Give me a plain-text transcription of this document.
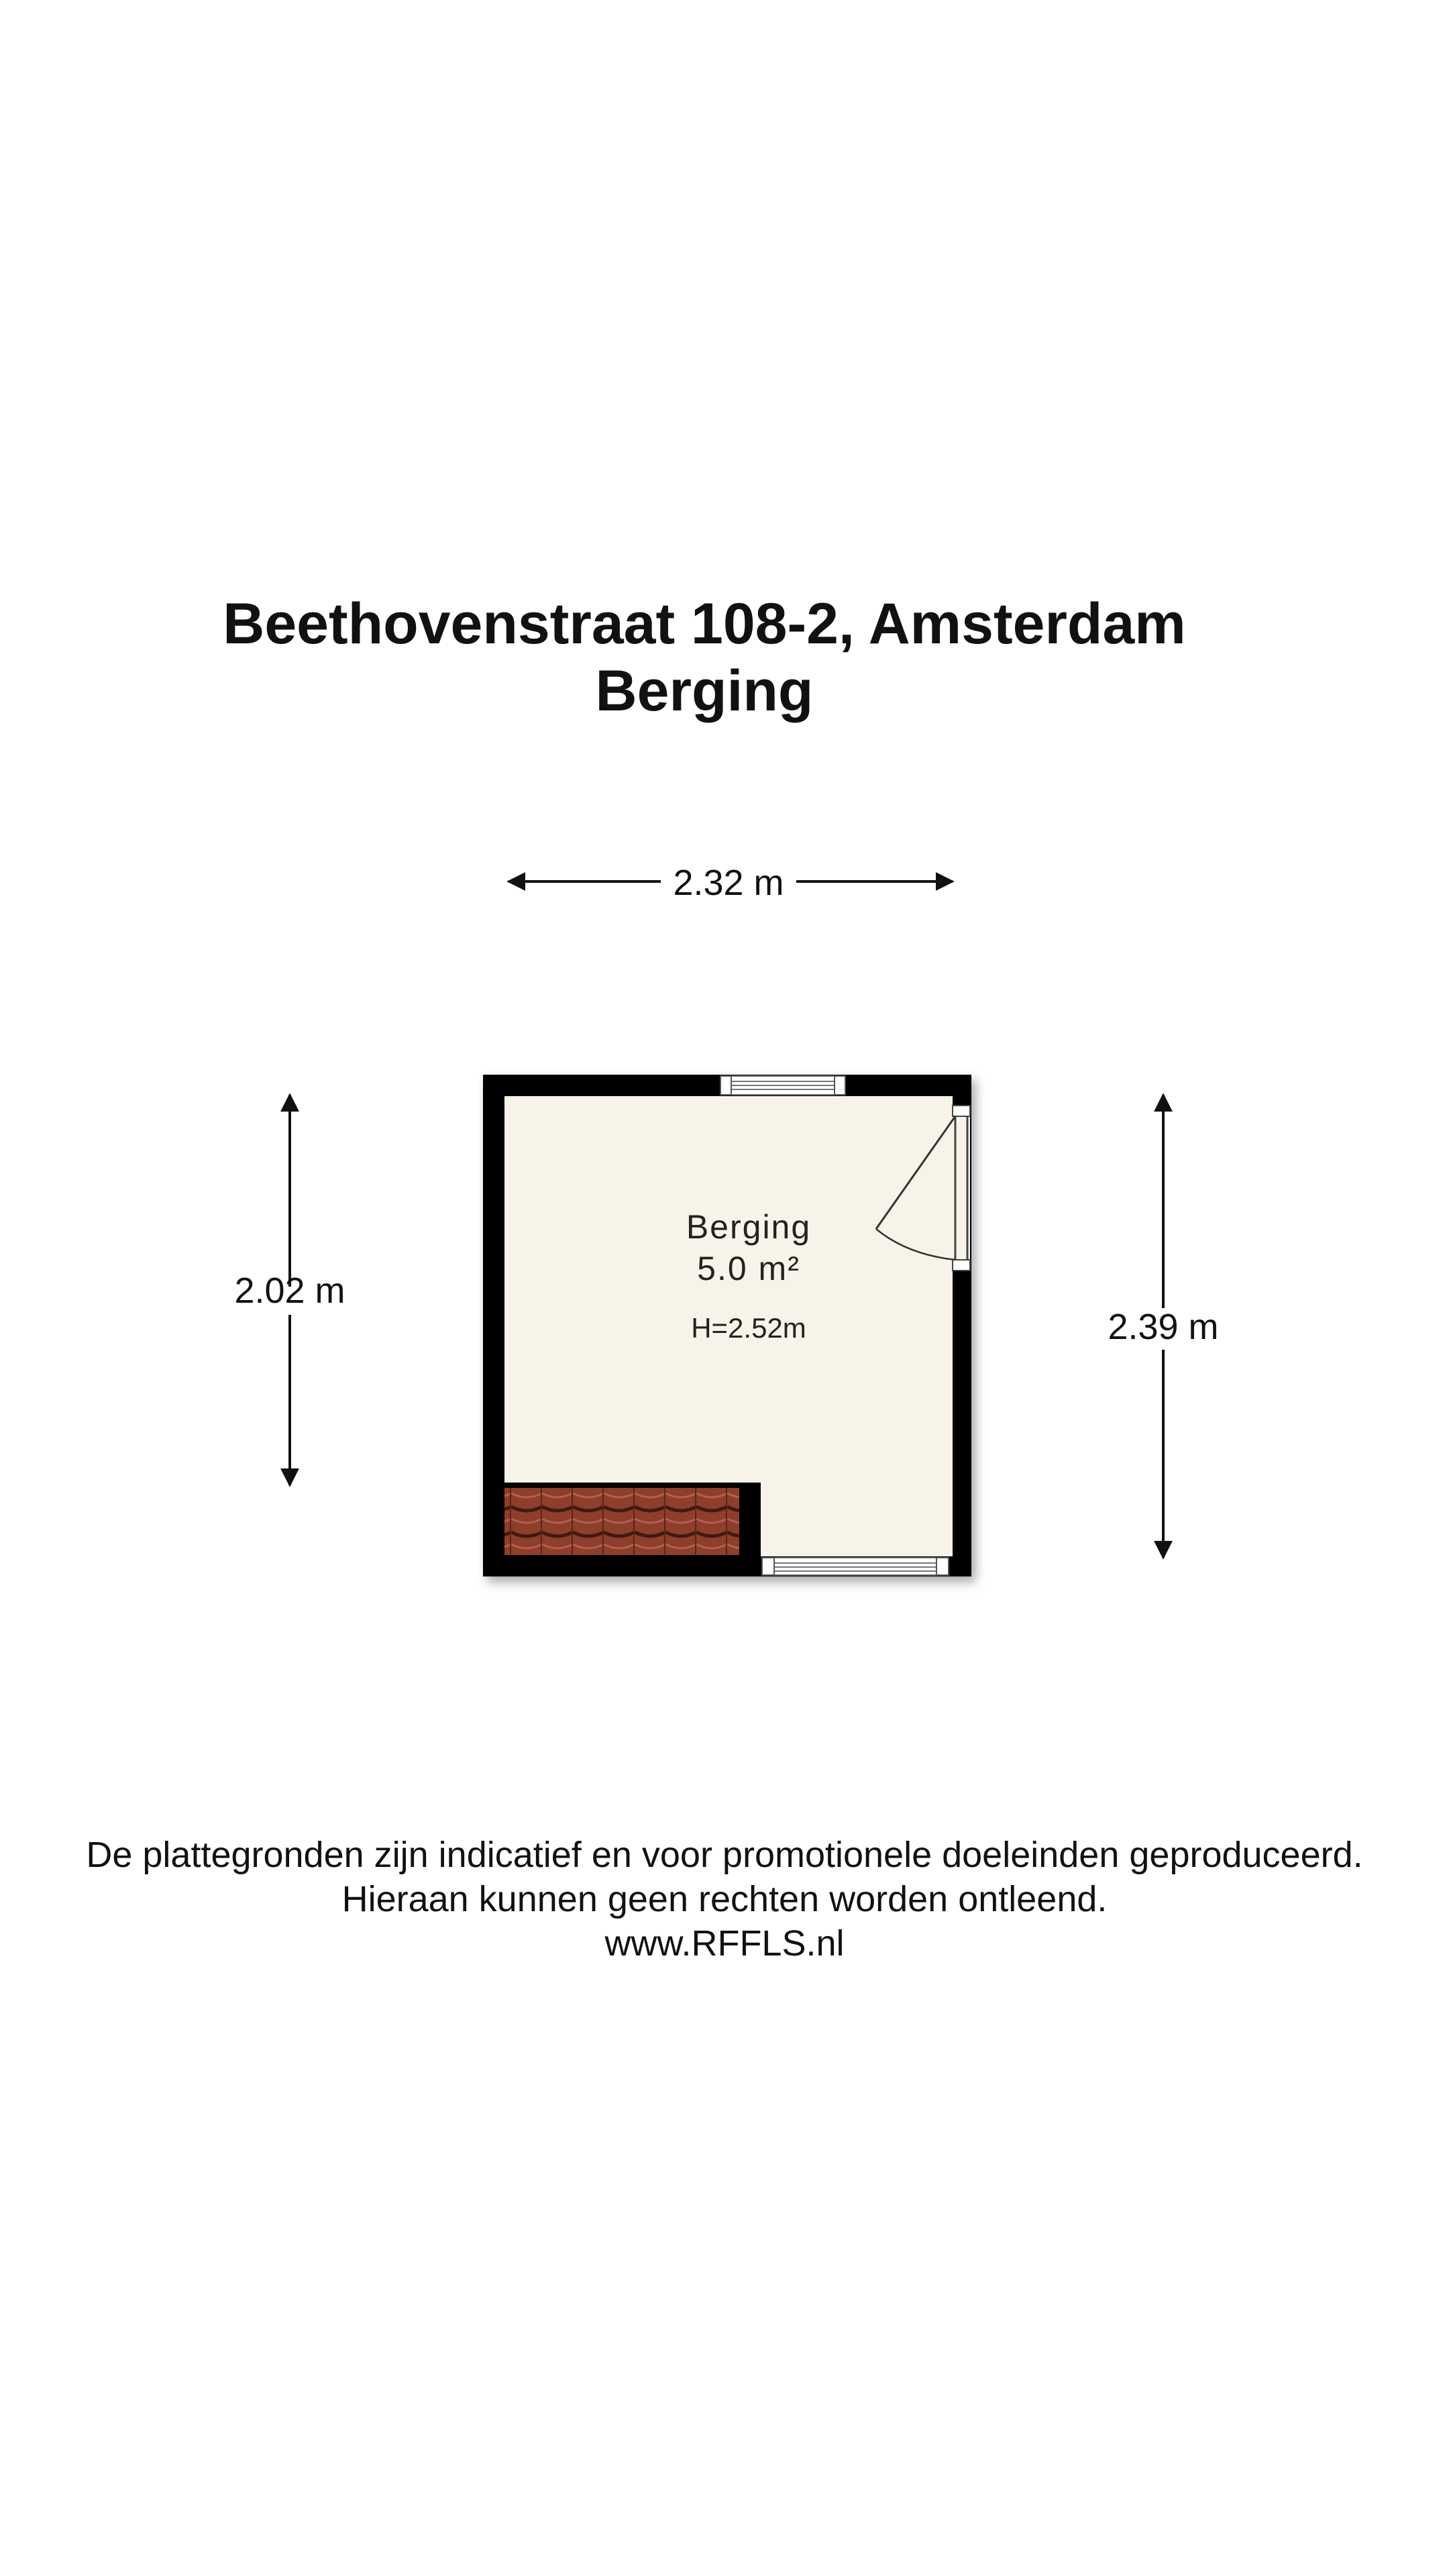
Beethovenstraat 108-2, Amsterdam
Berging
2.32 m
2.02 m
2.39 m
Berging
5.0 m²
H=2.52m
De plattegronden zijn indicatief en voor promotionele doeleinden geproduceerd.
Hieraan kunnen geen rechten worden ontleend.
www.RFFLS.nl
